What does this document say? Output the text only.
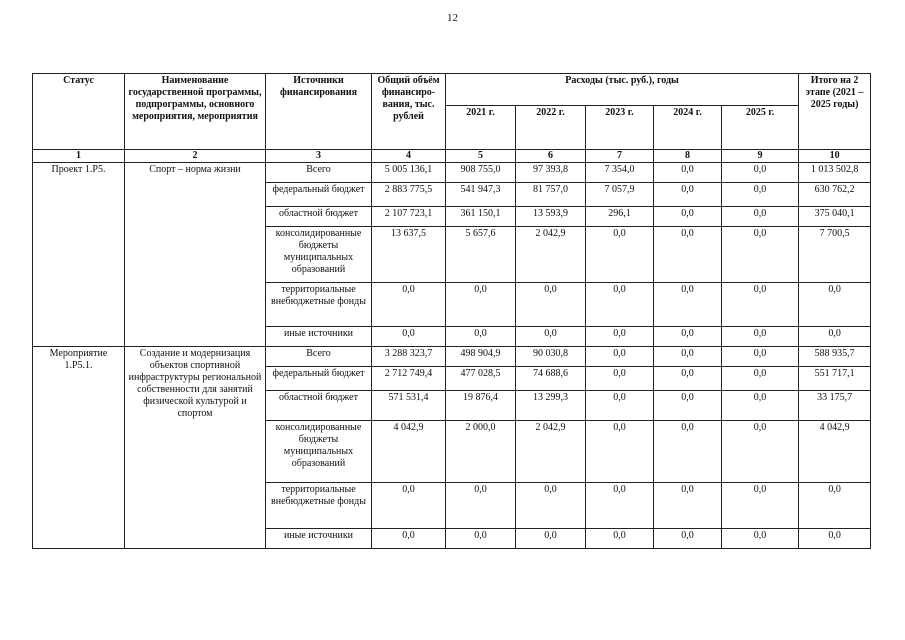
12
Статус	Наименование государственной программы, подпрограммы, основного мероприятия, мероприятия	Источники финансирования	Общий объём финансиро-вания, тыс. рублей	Расходы (тыс. руб.), годы					Итого на 2 этапе (2021 – 2025 годы)
				2021 г.	2022 г.	2023 г.	2024 г.	2025 г.	
1	2	3	4	5	6	7	8	9	10
Проект 1.Р5.	Спорт – норма жизни	Всего	5 005 136,1	908 755,0	97 393,8	7 354,0	0,0	0,0	1 013 502,8
		федеральный бюджет	2 883 775,5	541 947,3	81 757,0	7 057,9	0,0	0,0	630 762,2
		областной бюджет	2 107 723,1	361 150,1	13 593,9	296,1	0,0	0,0	375 040,1
		консолидированные бюджеты муниципальных образований	13 637,5	5 657,6	2 042,9	0,0	0,0	0,0	7 700,5
		территориальные внебюджетные фонды	0,0	0,0	0,0	0,0	0,0	0,0	0,0
		иные источники	0,0	0,0	0,0	0,0	0,0	0,0	0,0
Мероприятие 1.Р5.1.	Создание и модернизация объектов спортивной инфраструктуры региональной собственности для занятий физической культурой и спортом	Всего	3 288 323,7	498 904,9	90 030,8	0,0	0,0	0,0	588 935,7
		федеральный бюджет	2 712 749,4	477 028,5	74 688,6	0,0	0,0	0,0	551 717,1
		областной бюджет	571 531,4	19 876,4	13 299,3	0,0	0,0	0,0	33 175,7
		консолидированные бюджеты муниципальных образований	4 042,9	2 000,0	2 042,9	0,0	0,0	0,0	4 042,9
		территориальные внебюджетные фонды	0,0	0,0	0,0	0,0	0,0	0,0	0,0
		иные источники	0,0	0,0	0,0	0,0	0,0	0,0	0,0
